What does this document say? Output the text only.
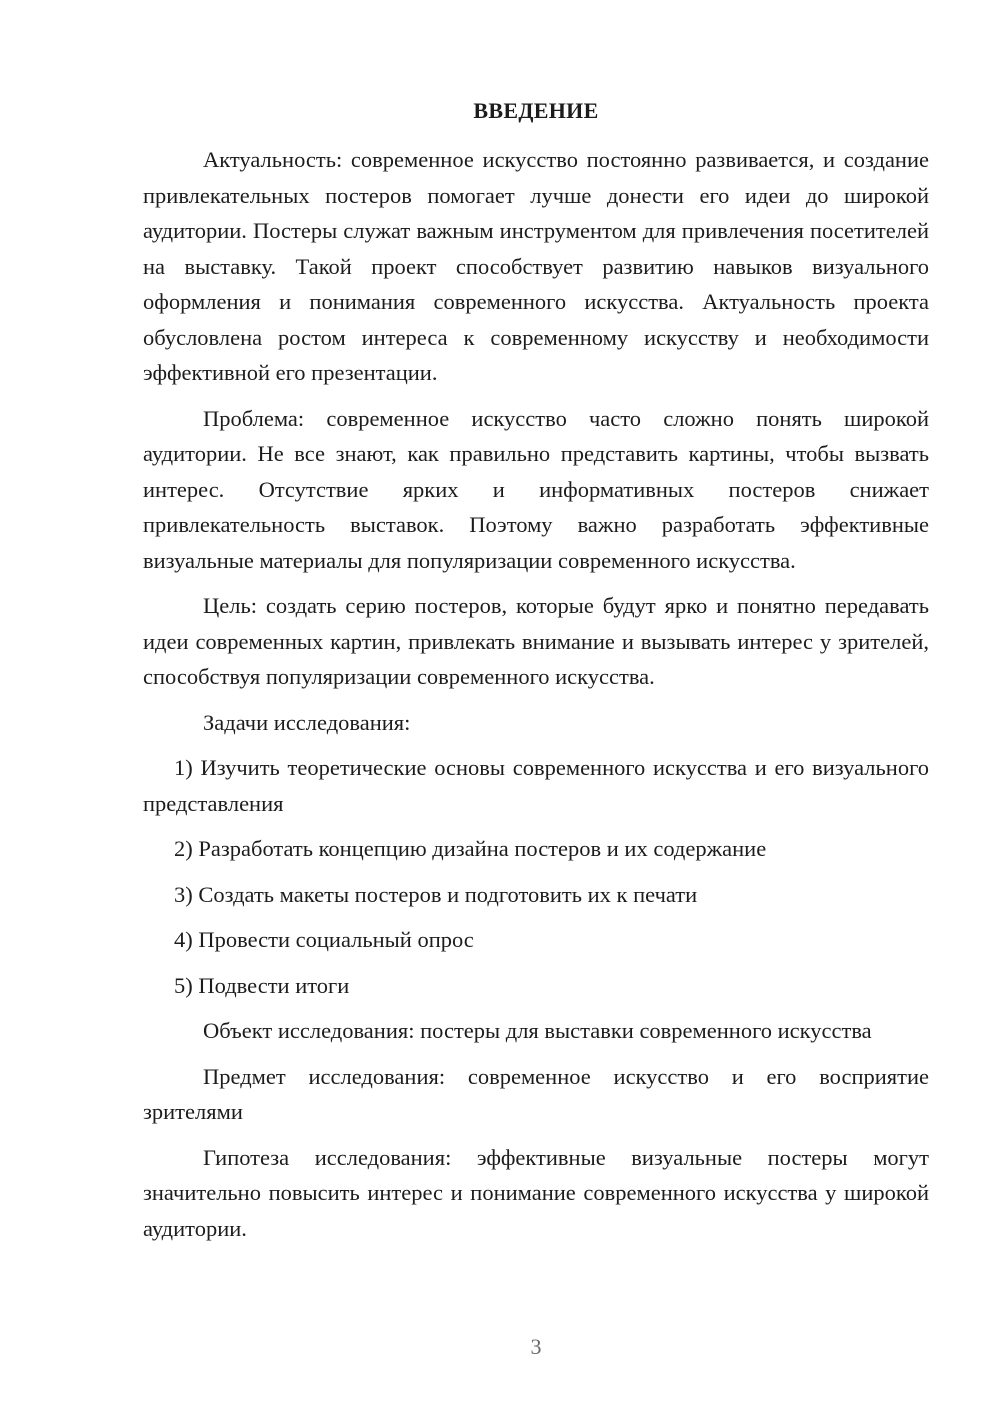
ВВЕДЕНИЕ

Актуальность: современное искусство постоянно развивается, и создание привлекательных постеров помогает лучше донести его идеи до широкой аудитории. Постеры служат важным инструментом для привлечения посетителей на выставку. Такой проект способствует развитию навыков визуального оформления и понимания современного искусства. Актуальность проекта обусловлена ростом интереса к современному искусству и необходимости эффективной его презентации.

Проблема: современное искусство часто сложно понять широкой аудитории. Не все знают, как правильно представить картины, чтобы вызвать интерес. Отсутствие ярких и информативных постеров снижает привлекательность выставок. Поэтому важно разработать эффективные визуальные материалы для популяризации современного искусства.

Цель: создать серию постеров, которые будут ярко и понятно передавать идеи современных картин, привлекать внимание и вызывать интерес у зрителей, способствуя популяризации современного искусства.

Задачи исследования:

1) Изучить теоретические основы современного искусства и его визуального представления

2) Разработать концепцию дизайна постеров и их содержание

3) Создать макеты постеров и подготовить их к печати

4) Провести социальный опрос

5) Подвести итоги

Объект исследования: постеры для выставки современного искусства

Предмет исследования: современное искусство и его восприятие зрителями

Гипотеза исследования: эффективные визуальные постеры могут значительно повысить интерес и понимание современного искусства у широкой аудитории.

3
